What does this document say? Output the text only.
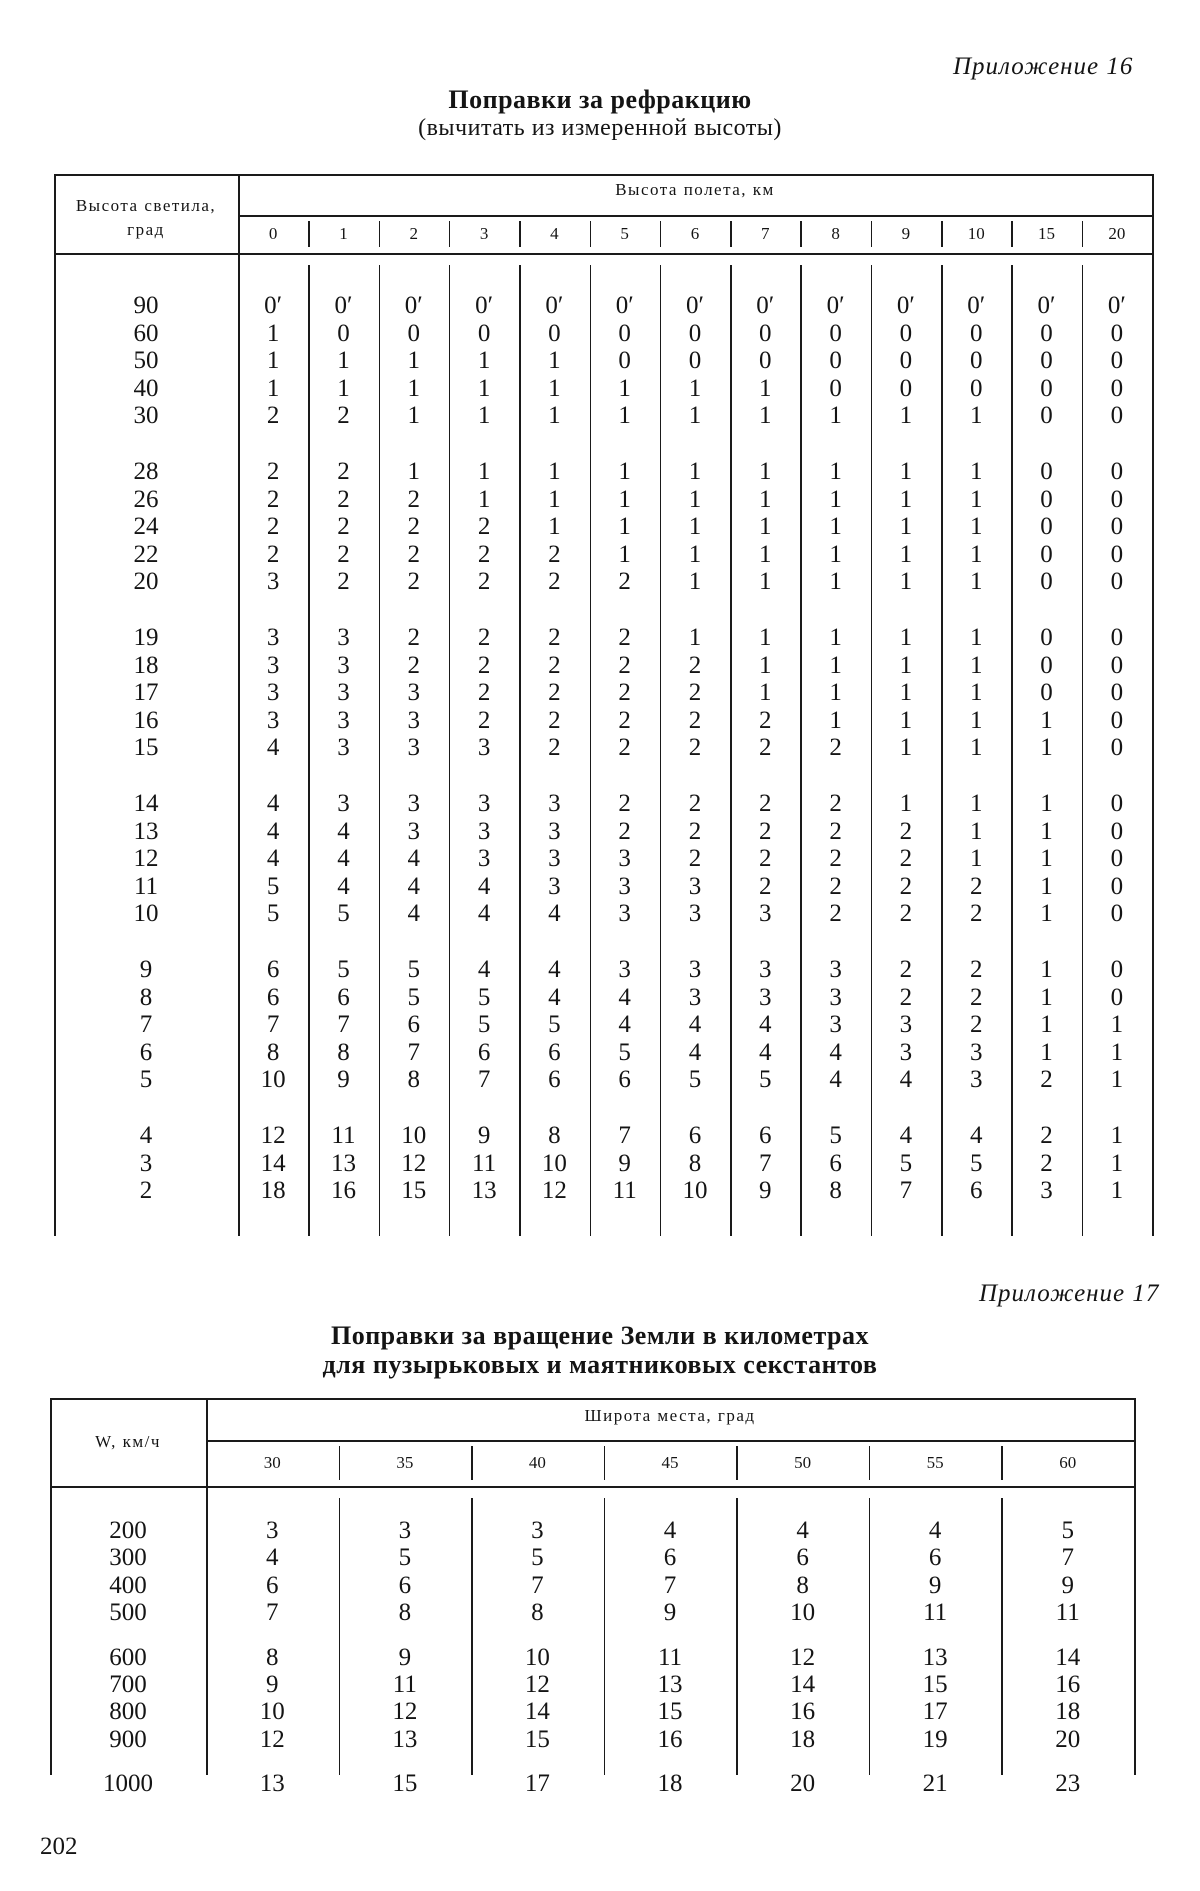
Приложение 16
Поправки за рефракцию
(вычитать из измеренной высоты)
Высота светила, град
Высота полета, км
0	1	2	3	4	5	6	7	8	9	10	15	20
90	0′	0′	0′	0′	0′	0′	0′	0′	0′	0′	0′	0′	0′
60	1	0	0	0	0	0	0	0	0	0	0	0	0
50	1	1	1	1	1	0	0	0	0	0	0	0	0
40	1	1	1	1	1	1	1	1	0	0	0	0	0
30	2	2	1	1	1	1	1	1	1	1	1	0	0
28	2	2	1	1	1	1	1	1	1	1	1	0	0
26	2	2	2	1	1	1	1	1	1	1	1	0	0
24	2	2	2	2	1	1	1	1	1	1	1	0	0
22	2	2	2	2	2	1	1	1	1	1	1	0	0
20	3	2	2	2	2	2	1	1	1	1	1	0	0
19	3	3	2	2	2	2	1	1	1	1	1	0	0
18	3	3	2	2	2	2	2	1	1	1	1	0	0
17	3	3	3	2	2	2	2	1	1	1	1	0	0
16	3	3	3	2	2	2	2	2	1	1	1	1	0
15	4	3	3	3	2	2	2	2	2	1	1	1	0
14	4	3	3	3	3	2	2	2	2	1	1	1	0
13	4	4	3	3	3	2	2	2	2	2	1	1	0
12	4	4	4	3	3	3	2	2	2	2	1	1	0
11	5	4	4	4	3	3	3	2	2	2	2	1	0
10	5	5	4	4	4	3	3	3	2	2	2	1	0
9	6	5	5	4	4	3	3	3	3	2	2	1	0
8	6	6	5	5	4	4	3	3	3	2	2	1	0
7	7	7	6	5	5	4	4	4	3	3	2	1	1
6	8	8	7	6	6	5	4	4	4	3	3	1	1
5	10	9	8	7	6	6	5	5	4	4	3	2	1
4	12	11	10	9	8	7	6	6	5	4	4	2	1
3	14	13	12	11	10	9	8	7	6	5	5	2	1
2	18	16	15	13	12	11	10	9	8	7	6	3	1
Приложение 17
Поправки за вращение Земли в километрах
для пузырьковых и маятниковых секстантов
W, км/ч
Широта места, град
30	35	40	45	50	55	60
200	3	3	3	4	4	4	5
300	4	5	5	6	6	6	7
400	6	6	7	7	8	9	9
500	7	8	8	9	10	11	11
600	8	9	10	11	12	13	14
700	9	11	12	13	14	15	16
800	10	12	14	15	16	17	18
900	12	13	15	16	18	19	20
1000	13	15	17	18	20	21	23
202
